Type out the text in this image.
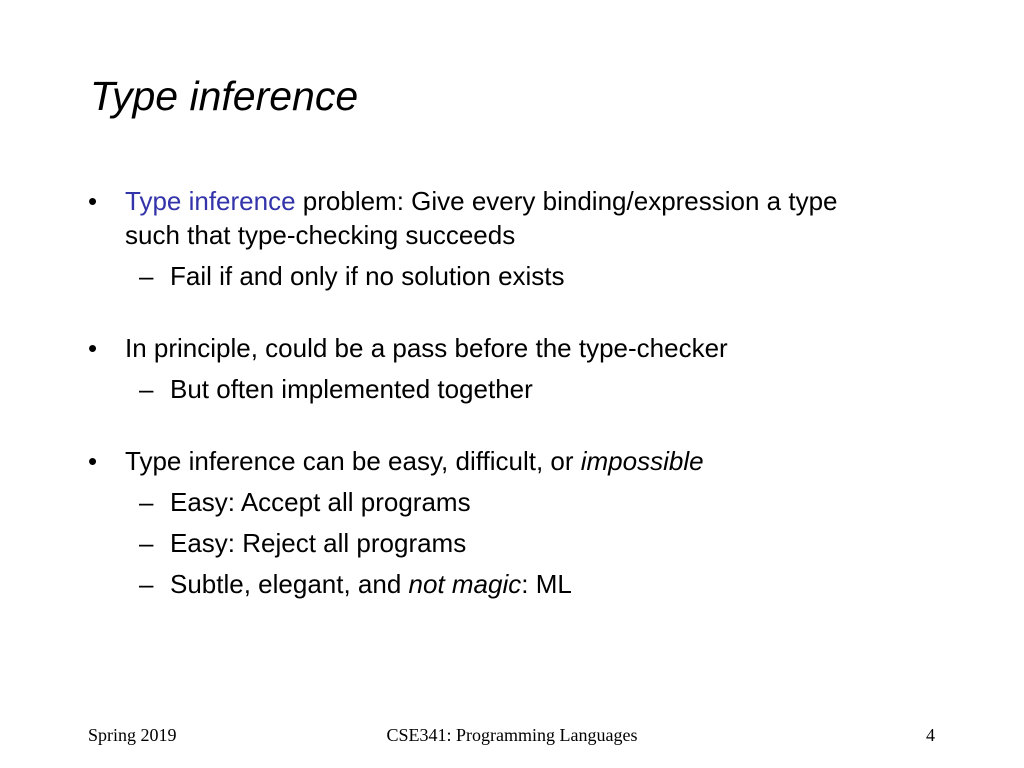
Type inference
• Type inference problem: Give every binding/expression a type
such that type-checking succeeds
– Fail if and only if no solution exists
• In principle, could be a pass before the type-checker
– But often implemented together
• Type inference can be easy, difficult, or impossible
– Easy: Accept all programs
– Easy: Reject all programs
– Subtle, elegant, and not magic: ML
Spring 2019	CSE341: Programming Languages	4
